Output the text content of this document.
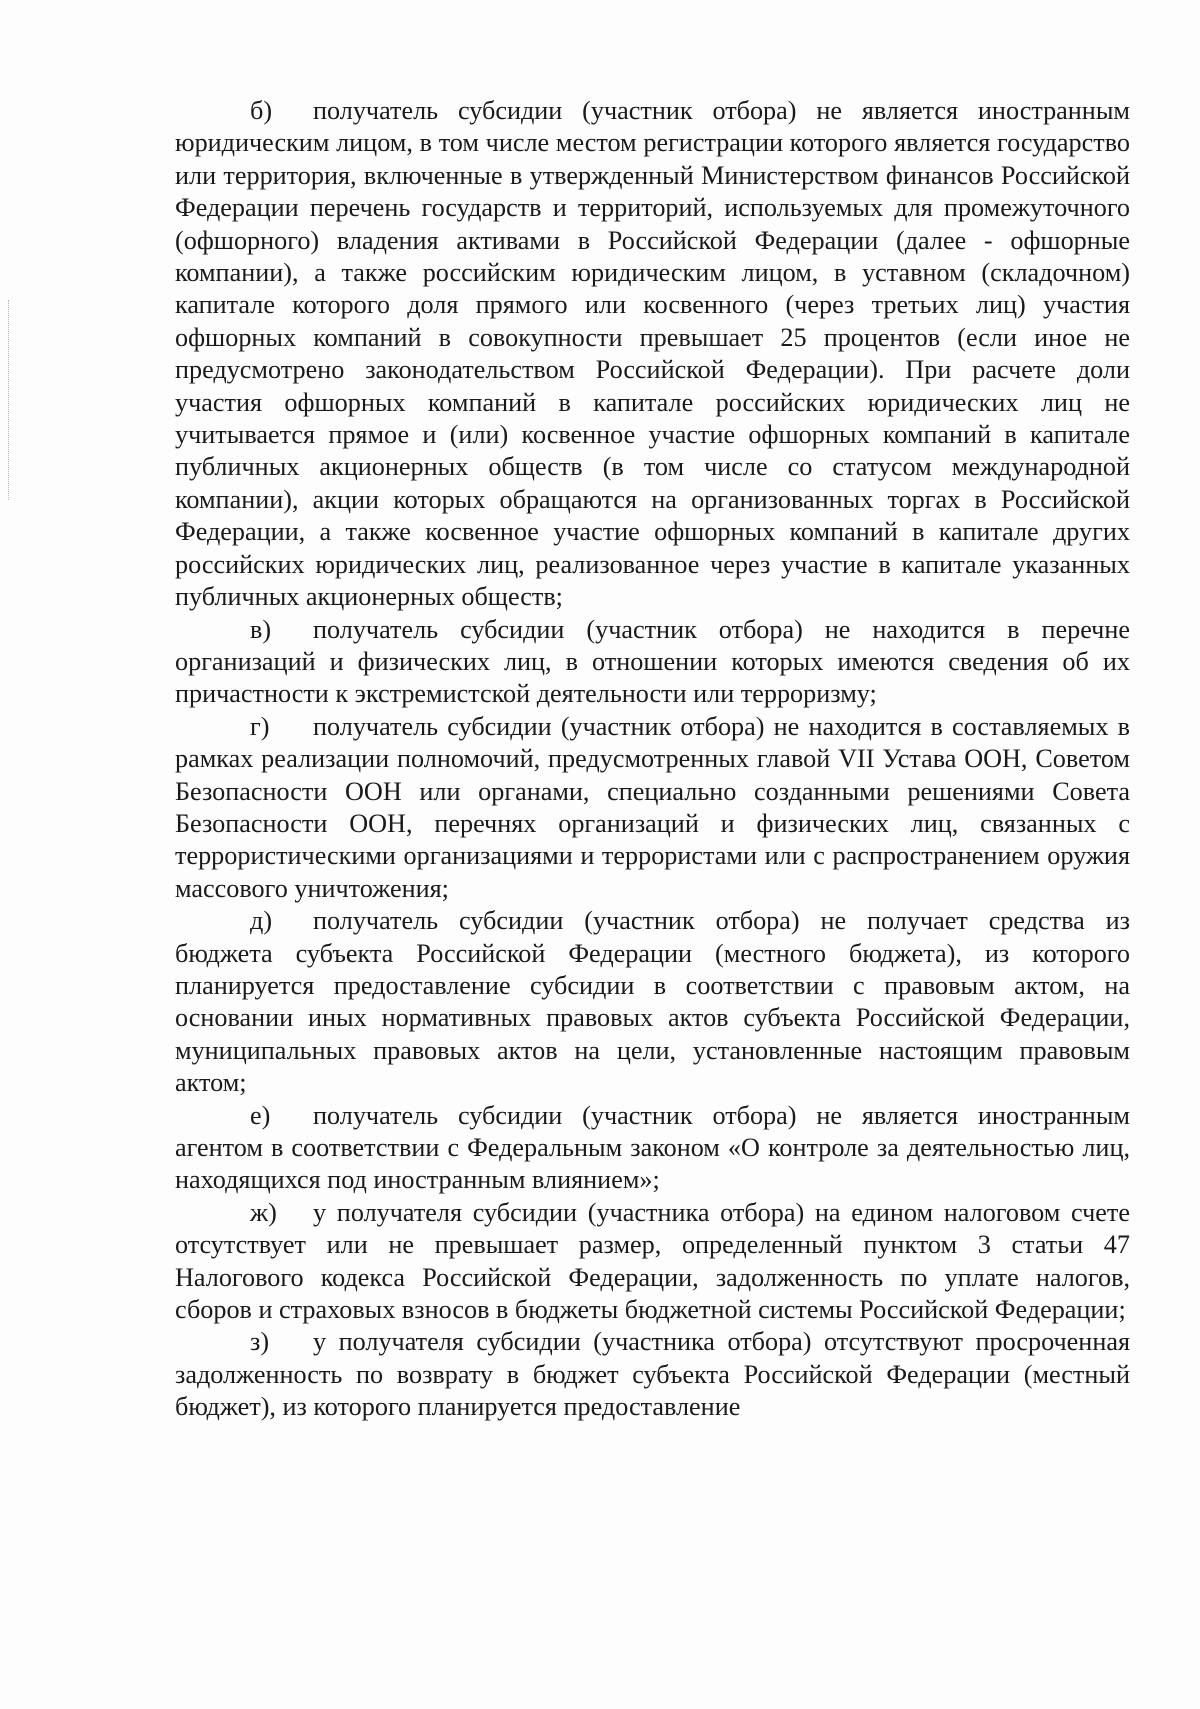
б) получатель субсидии (участник отбора) не является иностранным юридическим лицом, в том числе местом регистрации которого является государство или территория, включенные в утвержденный Министерством финансов Российской Федерации перечень государств и территорий, используемых для промежуточного (офшорного) владения активами в Российской Федерации (далее - офшорные компании), а также российским юридическим лицом, в уставном (складочном) капитале которого доля прямого или косвенного (через третьих лиц) участия офшорных компаний в совокупности превышает 25 процентов (если иное не предусмотрено законодательством Российской Федерации). При расчете доли участия офшорных компаний в капитале российских юридических лиц не учитывается прямое и (или) косвенное участие офшорных компаний в капитале публичных акционерных обществ (в том числе со статусом международной компании), акции которых обращаются на организованных торгах в Российской Федерации, а также косвенное участие офшорных компаний в капитале других российских юридических лиц, реализованное через участие в капитале указанных публичных акционерных обществ;

в) получатель субсидии (участник отбора) не находится в перечне организаций и физических лиц, в отношении которых имеются сведения об их причастности к экстремистской деятельности или терроризму;

г) получатель субсидии (участник отбора) не находится в составляемых в рамках реализации полномочий, предусмотренных главой VII Устава ООН, Советом Безопасности ООН или органами, специально созданными решениями Совета Безопасности ООН, перечнях организаций и физических лиц, связанных с террористическими организациями и террористами или с распространением оружия массового уничтожения;

д) получатель субсидии (участник отбора) не получает средства из бюджета субъекта Российской Федерации (местного бюджета), из которого планируется предоставление субсидии в соответствии с правовым актом, на основании иных нормативных правовых актов субъекта Российской Федерации, муниципальных правовых актов на цели, установленные настоящим правовым актом;

е) получатель субсидии (участник отбора) не является иностранным агентом в соответствии с Федеральным законом «О контроле за деятельностью лиц, находящихся под иностранным влиянием»;

ж) у получателя субсидии (участника отбора) на едином налоговом счете отсутствует или не превышает размер, определенный пунктом 3 статьи 47 Налогового кодекса Российской Федерации, задолженность по уплате налогов, сборов и страховых взносов в бюджеты бюджетной системы Российской Федерации;

з) у получателя субсидии (участника отбора) отсутствуют просроченная задолженность по возврату в бюджет субъекта Российской Федерации (местный бюджет), из которого планируется предоставление
